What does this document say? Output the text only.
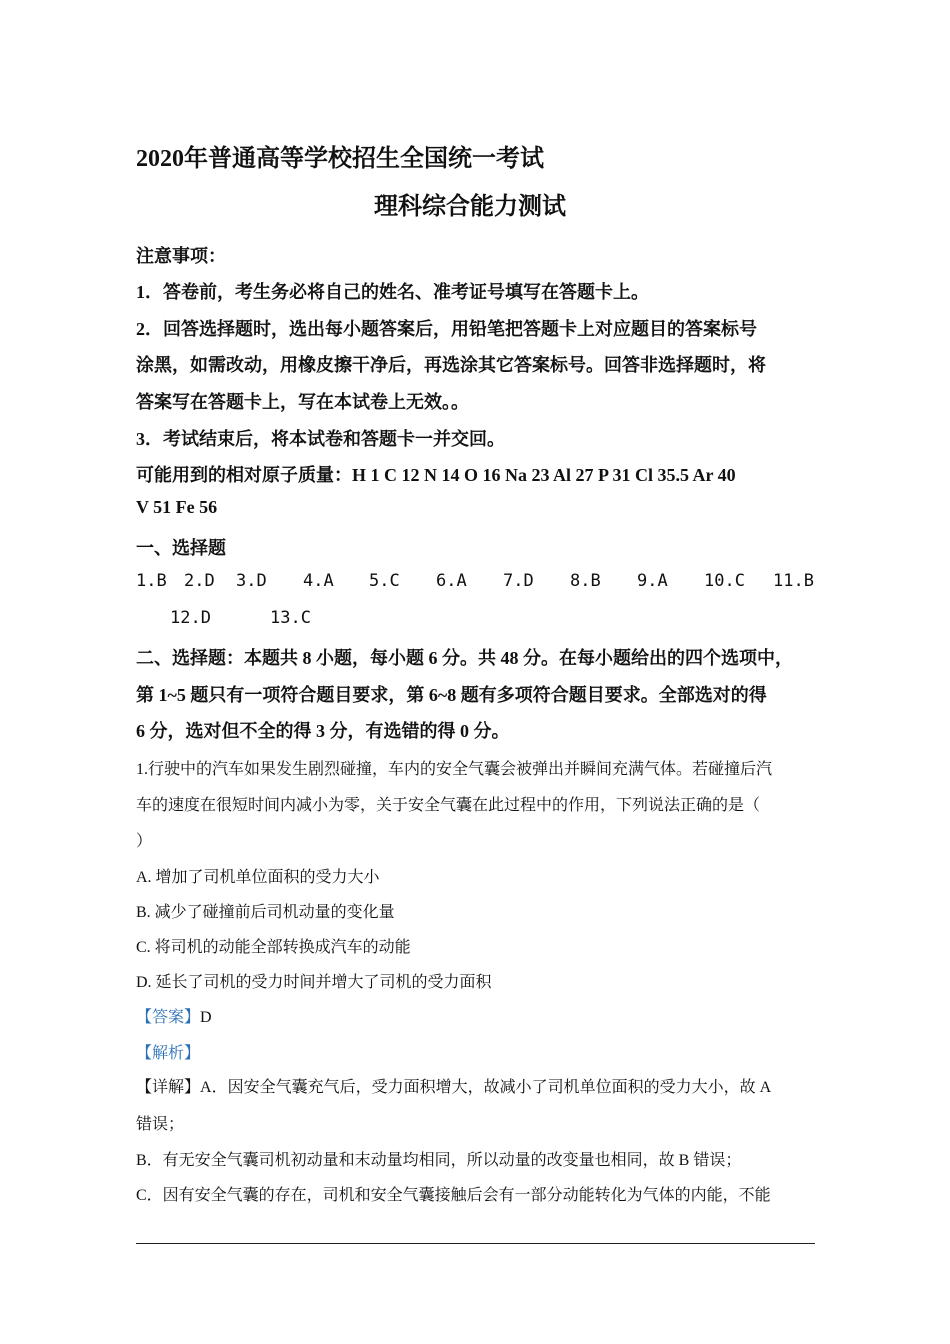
2020年普通高等学校招生全国统一考试
理科综合能力测试
注意事项：
1．答卷前，考生务必将自己的姓名、准考证号填写在答题卡上。
2．回答选择题时，选出每小题答案后，用铅笔把答题卡上对应题目的答案标号
涂黑，如需改动，用橡皮擦干净后，再选涂其它答案标号。回答非选择题时，将
答案写在答题卡上，写在本试卷上无效。。
3．考试结束后，将本试卷和答题卡一并交回。
可能用到的相对原子质量：H 1 C 12 N 14 O 16 Na 23 Al 27 P 31 Cl 35.5 Ar 40
V 51 Fe 56
一、选择题
1.B 2.D 3.D 4.A 5.C 6.A 7.D 8.B 9.A 10.C 11.B
12.D	13.C
二、选择题：本题共 8 小题，每小题 6 分。共 48 分。在每小题给出的四个选项中，
第 1~5 题只有一项符合题目要求，第 6~8 题有多项符合题目要求。全部选对的得
6 分，选对但不全的得 3 分，有选错的得 0 分。
1.行驶中的汽车如果发生剧烈碰撞，车内的安全气囊会被弹出并瞬间充满气体。若碰撞后汽
车的速度在很短时间内减小为零，关于安全气囊在此过程中的作用，下列说法正确的是（
）
A. 增加了司机单位面积的受力大小
B. 减少了碰撞前后司机动量的变化量
C. 将司机的动能全部转换成汽车的动能
D. 延长了司机的受力时间并增大了司机的受力面积
【答案】D
【解析】
【详解】A．因安全气囊充气后，受力面积增大，故减小了司机单位面积的受力大小，故 A
错误；
B．有无安全气囊司机初动量和末动量均相同，所以动量的改变量也相同，故 B 错误；
C．因有安全气囊的存在，司机和安全气囊接触后会有一部分动能转化为气体的内能，不能
